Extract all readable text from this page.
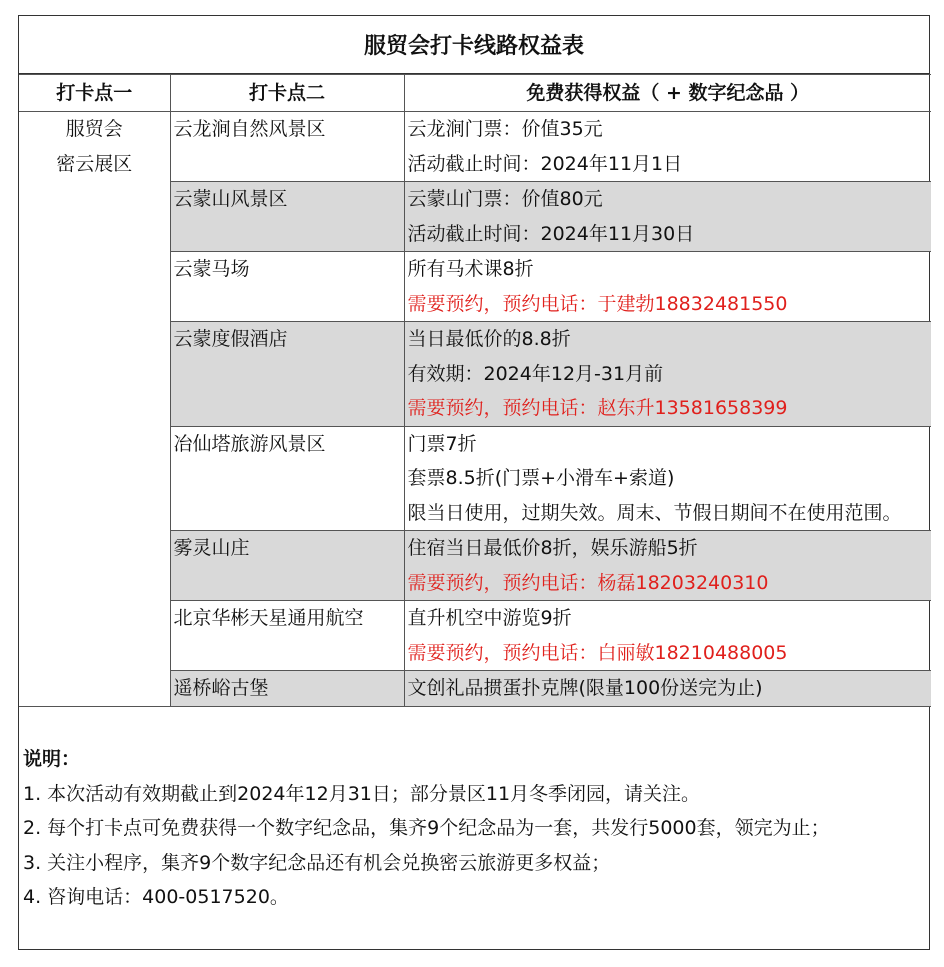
服贸会打卡线路权益表
打卡点一	打卡点二	免费获得权益（ + 数字纪念品 ）

服贸会
密云展区	云龙涧自然风景区	云龙涧门票：价值35元
活动截止时间：2024年11月1日

	云蒙山风景区	云蒙山门票：价值80元
活动截止时间：2024年11月30日

	云蒙马场	所有马术课8折
需要预约，预约电话：于建勃18832481550

	云蒙度假酒店	当日最低价的8.8折
有效期：2024年12月-31月前
需要预约，预约电话：赵东升13581658399

	冶仙塔旅游风景区	门票7折
套票8.5折(门票+小滑车+索道)
限当日使用，过期失效。周末、节假日期间不在使用范围。

	雾灵山庄	住宿当日最低价8折，娱乐游船5折
需要预约，预约电话：杨磊18203240310

	北京华彬天星通用航空	直升机空中游览9折
需要预约，预约电话：白丽敏18210488005

	遥桥峪古堡	文创礼品掼蛋扑克牌(限量100份送完为止)
说明：
1. 本次活动有效期截止到2024年12月31日；部分景区11月冬季闭园，请关注。
2. 每个打卡点可免费获得一个数字纪念品，集齐9个纪念品为一套，共发行5000套，领完为止；
3. 关注小程序，集齐9个数字纪念品还有机会兑换密云旅游更多权益；
4. 咨询电话：400-0517520。
